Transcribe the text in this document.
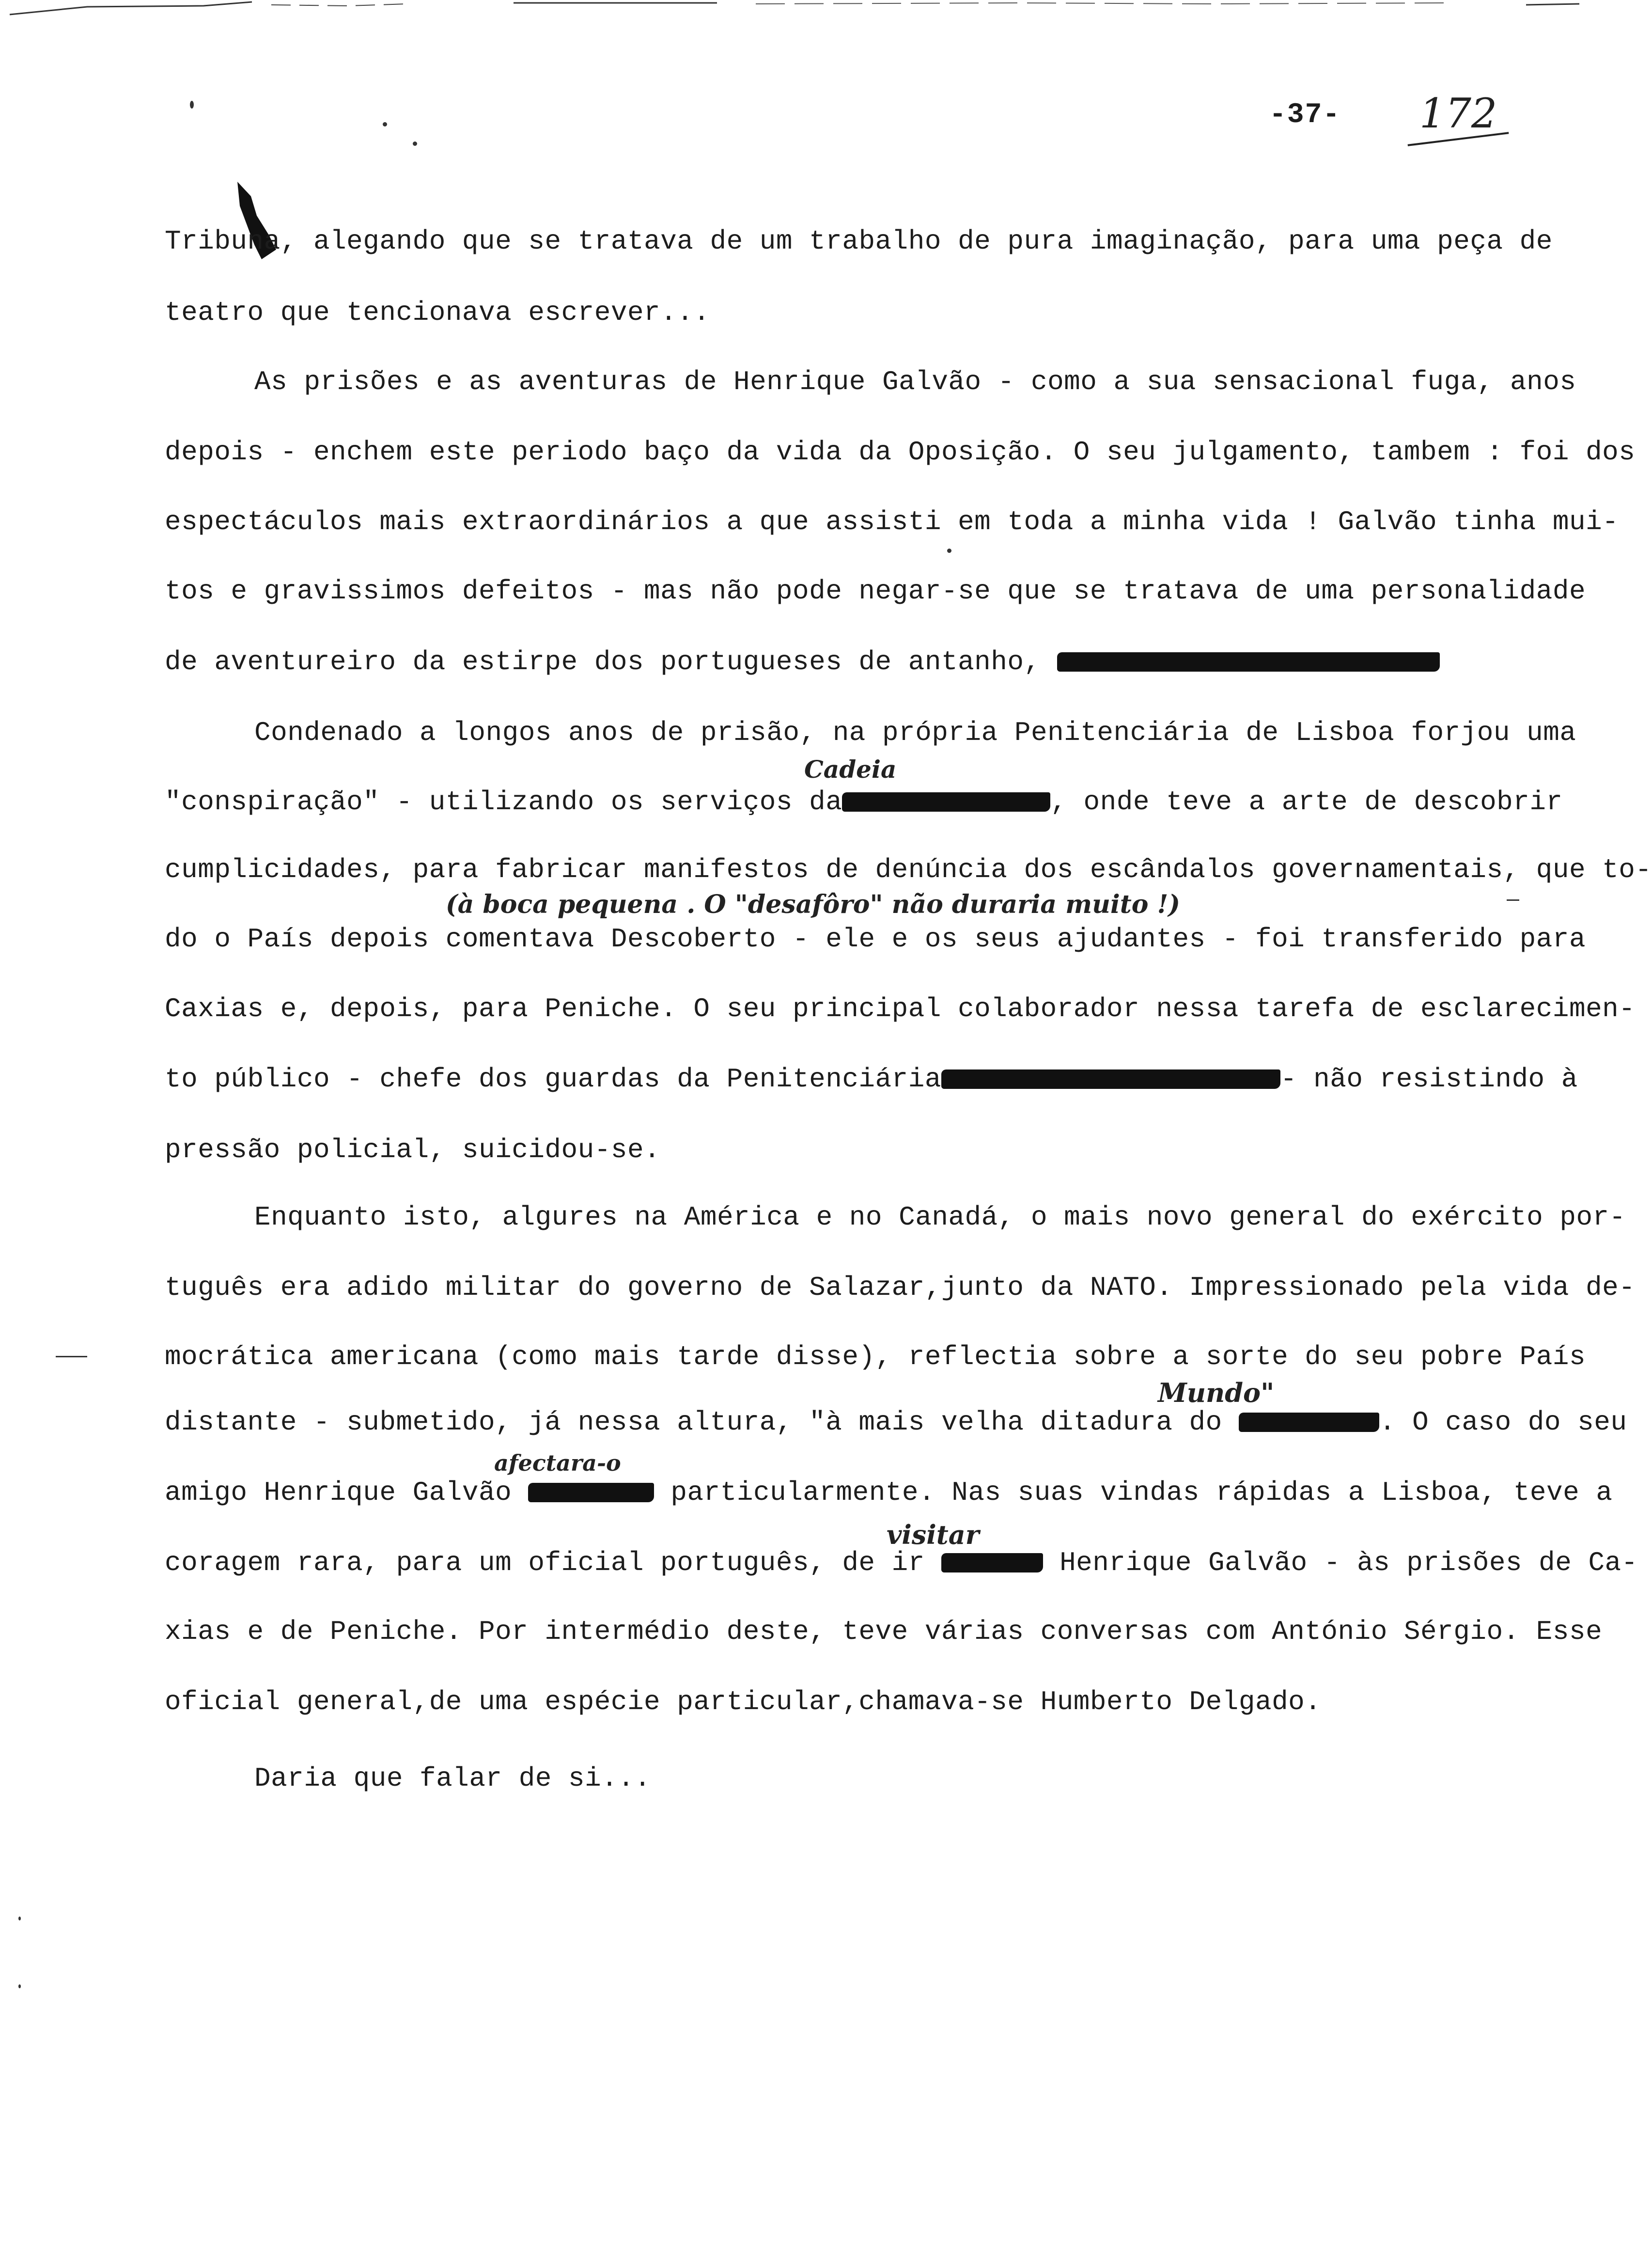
-37- 172
Tribuna, alegando que se tratava de um trabalho de pura imaginação, para uma peça de
teatro que tencionava escrever...
As prisões e as aventuras de Henrique Galvão - como a sua sensacional fuga, anos
depois - enchem este periodo baço da vida da Oposição. O seu julgamento, tambem : foi dos
espectáculos mais extraordinários a que assisti em toda a minha vida ! Galvão tinha mui-
tos e gravissimos defeitos - mas não pode negar-se que se tratava de uma personalidade
de aventureiro da estirpe dos portugueses de antanho,
Condenado a longos anos de prisão, na própria Penitenciária de Lisboa forjou uma
Cadeia
"conspiração" - utilizando os serviços da	, onde teve a arte de descobrir
cumplicidades, para fabricar manifestos de denúncia dos escândalos governamentais, que to-
(à boca pequena . O "desafôro" não duraria muito !)
do o País depois comentava Descoberto - ele e os seus ajudantes - foi transferido para
Caxias e, depois, para Peniche. O seu principal colaborador nessa tarefa de esclarecimen-
to público - chefe dos guardas da Penitenciária	- não resistindo à
pressão policial, suicidou-se.
Enquanto isto, algures na América e no Canadá, o mais novo general do exército por-
tuguês era adido militar do governo de Salazar,junto da NATO. Impressionado pela vida de-
mocrática americana (como mais tarde disse), reflectia sobre a sorte do seu pobre País
Mundo"
distante - submetido, já nessa altura, "à mais velha ditadura do	. O caso do seu
afectara-o
amigo Henrique Galvão	particularmente. Nas suas vindas rápidas a Lisboa, teve a
visitar
coragem rara, para um oficial português, de ir	Henrique Galvão - às prisões de Ca-
xias e de Peniche. Por intermédio deste, teve várias conversas com António Sérgio. Esse
oficial general,de uma espécie particular,chamava-se Humberto Delgado.
Daria que falar de si...
